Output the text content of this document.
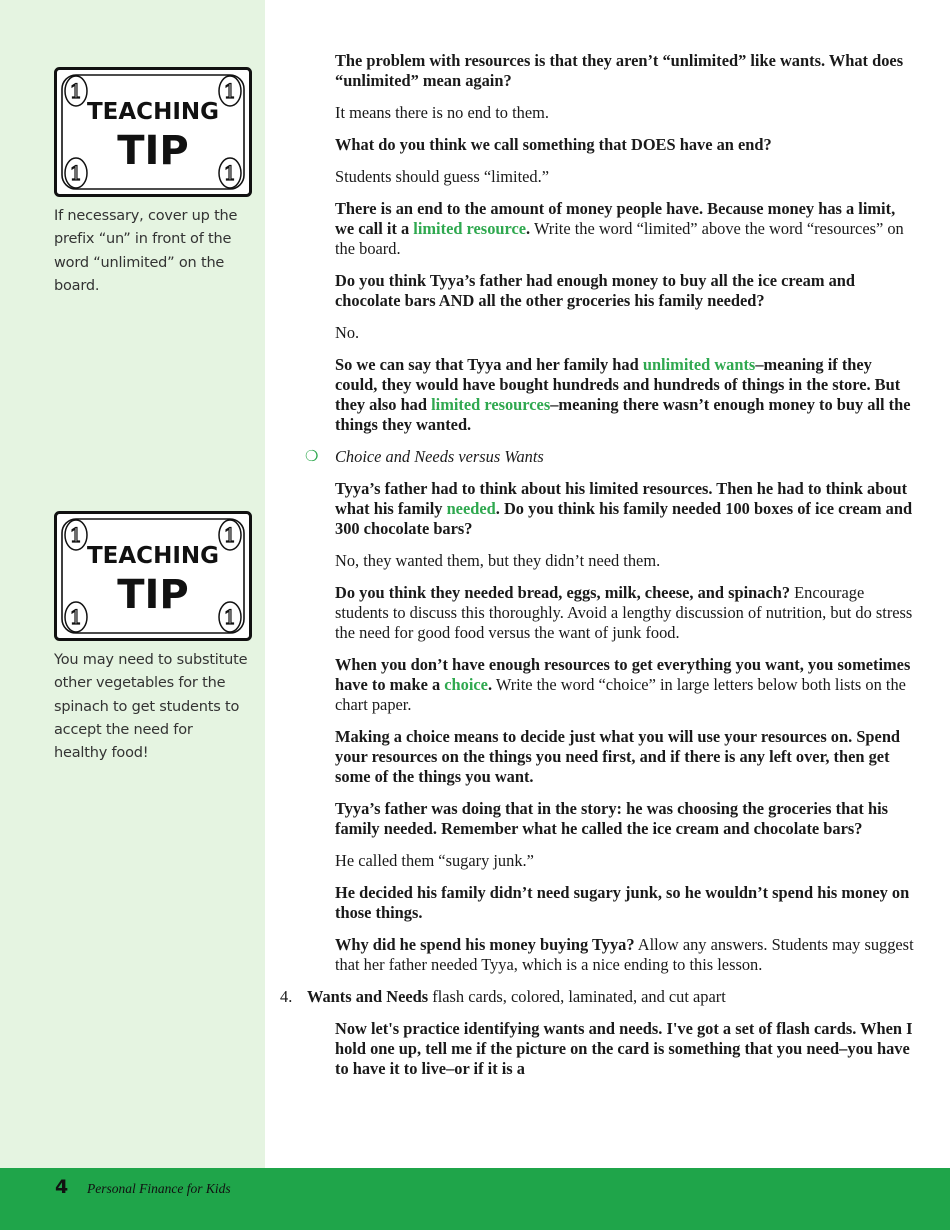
1	1
1	1
TEACHING
TIP
If necessary, cover up the prefix “un” in front of the word “unlimited” on the board.
1	1
1	1
TEACHING
TIP
You may need to substitute other vegetables for the spinach to get students to accept the need for healthy food!
The problem with resources is that they aren’t “unlimited” like wants. What does “unlimited” mean again?
It means there is no end to them.
What do you think we call something that DOES have an end?
Students should guess “limited.”
There is an end to the amount of money people have. Because money has a limit, we call it a limited resource. Write the word “limited” above the word “resources” on the board.
Do you think Tyya’s father had enough money to buy all the ice cream and chocolate bars AND all the other groceries his family needed?
No.
So we can say that Tyya and her family had unlimited wants–meaning if they could, they would have bought hundreds and hundreds of things in the store. But they also had limited resources–meaning there wasn’t enough money to buy all the things they wanted.
❍ Choice and Needs versus Wants
Tyya’s father had to think about his limited resources. Then he had to think about what his family needed. Do you think his family needed 100 boxes of ice cream and 300 chocolate bars?
No, they wanted them, but they didn’t need them.
Do you think they needed bread, eggs, milk, cheese, and spinach? Encourage students to discuss this thoroughly. Avoid a lengthy discussion of nutrition, but do stress the need for good food versus the want of junk food.
When you don’t have enough resources to get everything you want, you sometimes have to make a choice. Write the word “choice” in large letters below both lists on the chart paper.
Making a choice means to decide just what you will use your resources on. Spend your resources on the things you need first, and if there is any left over, then get some of the things you want.
Tyya’s father was doing that in the story: he was choosing the groceries that his family needed. Remember what he called the ice cream and chocolate bars?
He called them “sugary junk.”
He decided his family didn’t need sugary junk, so he wouldn’t spend his money on those things.
Why did he spend his money buying Tyya? Allow any answers. Students may suggest that her father needed Tyya, which is a nice ending to this lesson.
4. Wants and Needs flash cards, colored, laminated, and cut apart
Now let's practice identifying wants and needs. I've got a set of flash cards. When I hold one up, tell me if the picture on the card is something that you need–you have to have it to live–or if it is a
4 Personal Finance for Kids
